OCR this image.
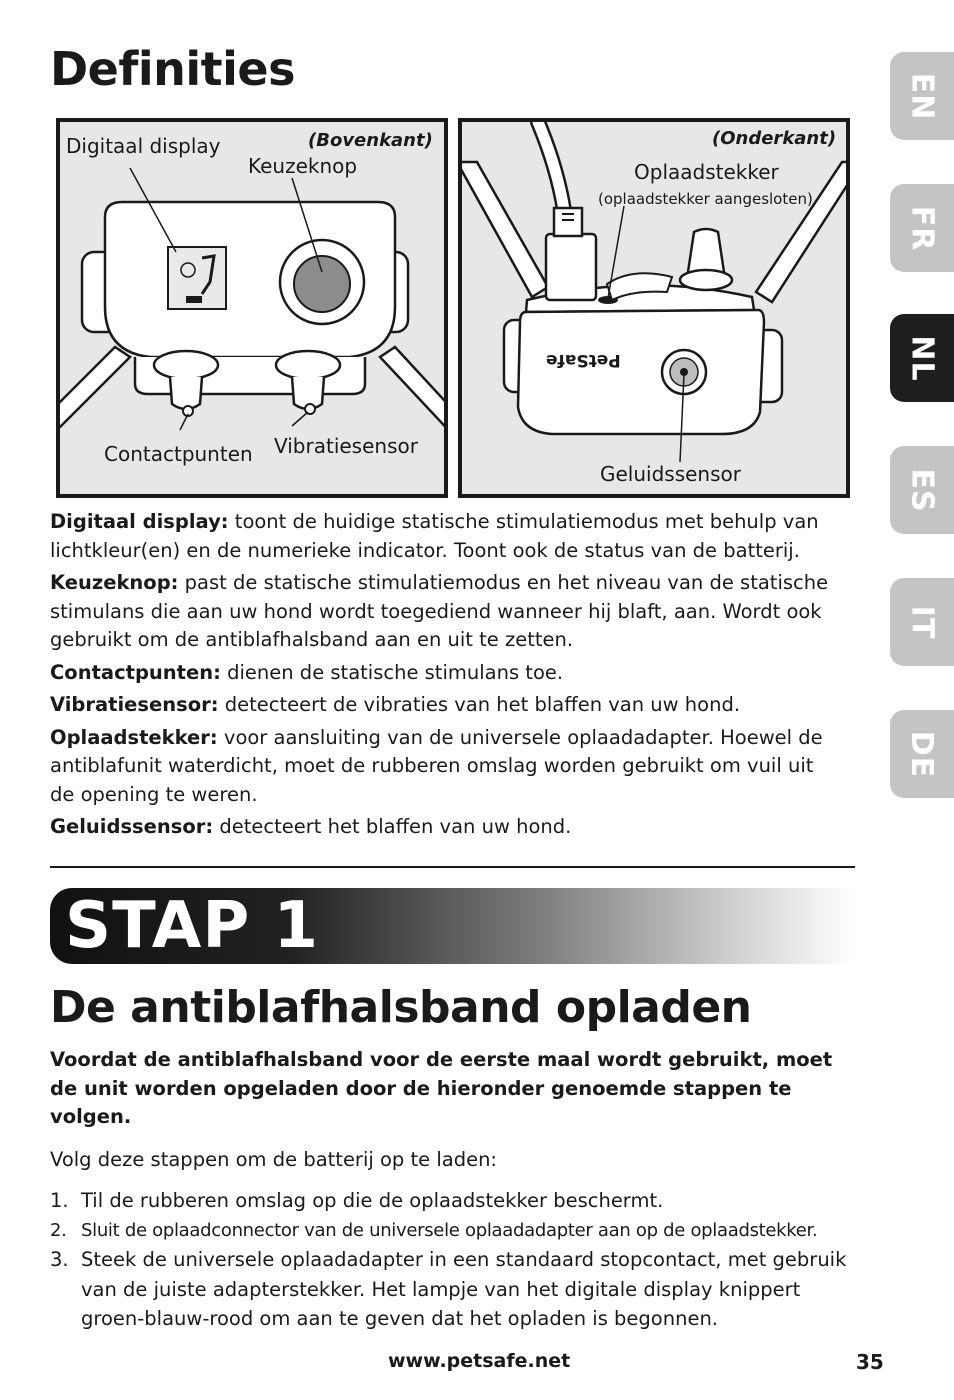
Definities	EN
FR
NL
ES
IT
DE
Digitaal display	(Bovenkant)
Keuzeknop
Contactpunten Vibratiesensor
(Onderkant)
Oplaadstekker
(oplaadstekker aangesloten)
PetSafe
Geluidssensor

Digitaal display: toont de huidige statische stimulatiemodus met behulp van lichtkleur(en) en de numerieke indicator. Toont ook de status van de batterij.

Keuzeknop: past de statische stimulatiemodus en het niveau van de statische stimulans die aan uw hond wordt toegediend wanneer hij blaft, aan. Wordt ook gebruikt om de antiblafhalsband aan en uit te zetten.

Contactpunten: dienen de statische stimulans toe.

Vibratiesensor: detecteert de vibraties van het blaffen van uw hond.

Oplaadstekker: voor aansluiting van de universele oplaadadapter. Hoewel de antiblafunit waterdicht, moet de rubberen omslag worden gebruikt om vuil uit de opening te weren.

Geluidssensor: detecteert het blaffen van uw hond.

STAP 1
De antiblafhalsband opladen
Voordat de antiblafhalsband voor de eerste maal wordt gebruikt, moet de unit worden opgeladen door de hieronder genoemde stappen te volgen.
Volg deze stappen om de batterij op te laden:
1. Til de rubberen omslag op die de oplaadstekker beschermt.
2. Sluit de oplaadconnector van de universele oplaadadapter aan op de oplaadstekker.
3. Steek de universele oplaadadapter in een standaard stopcontact, met gebruik van de juiste adapterstekker. Het lampje van het digitale display knippert groen-blauw-rood om aan te geven dat het opladen is begonnen.
www.petsafe.net	35
